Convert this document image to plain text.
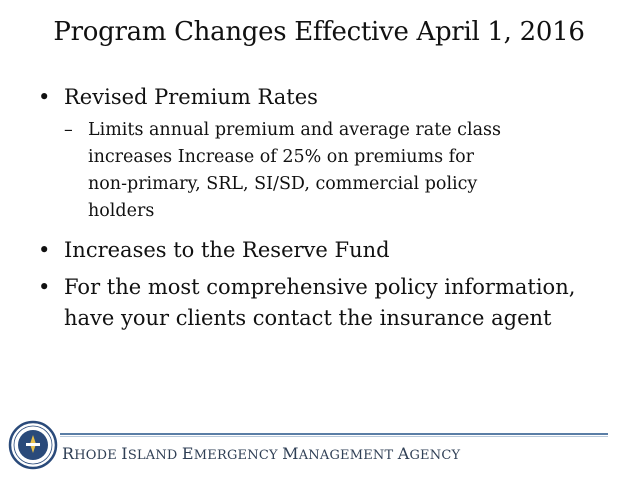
Program Changes Effective April 1, 2016
• Revised Premium Rates
– Limits annual premium and average rate class
increases Increase of 25% on premiums for
non-primary, SRL, SI/SD, commercial policy
holders
• Increases to the Reserve Fund
• For the most comprehensive policy information, have your clients contact the insurance agent
RHODE ISLAND EMERGENCY MANAGEMENT AGENCY
